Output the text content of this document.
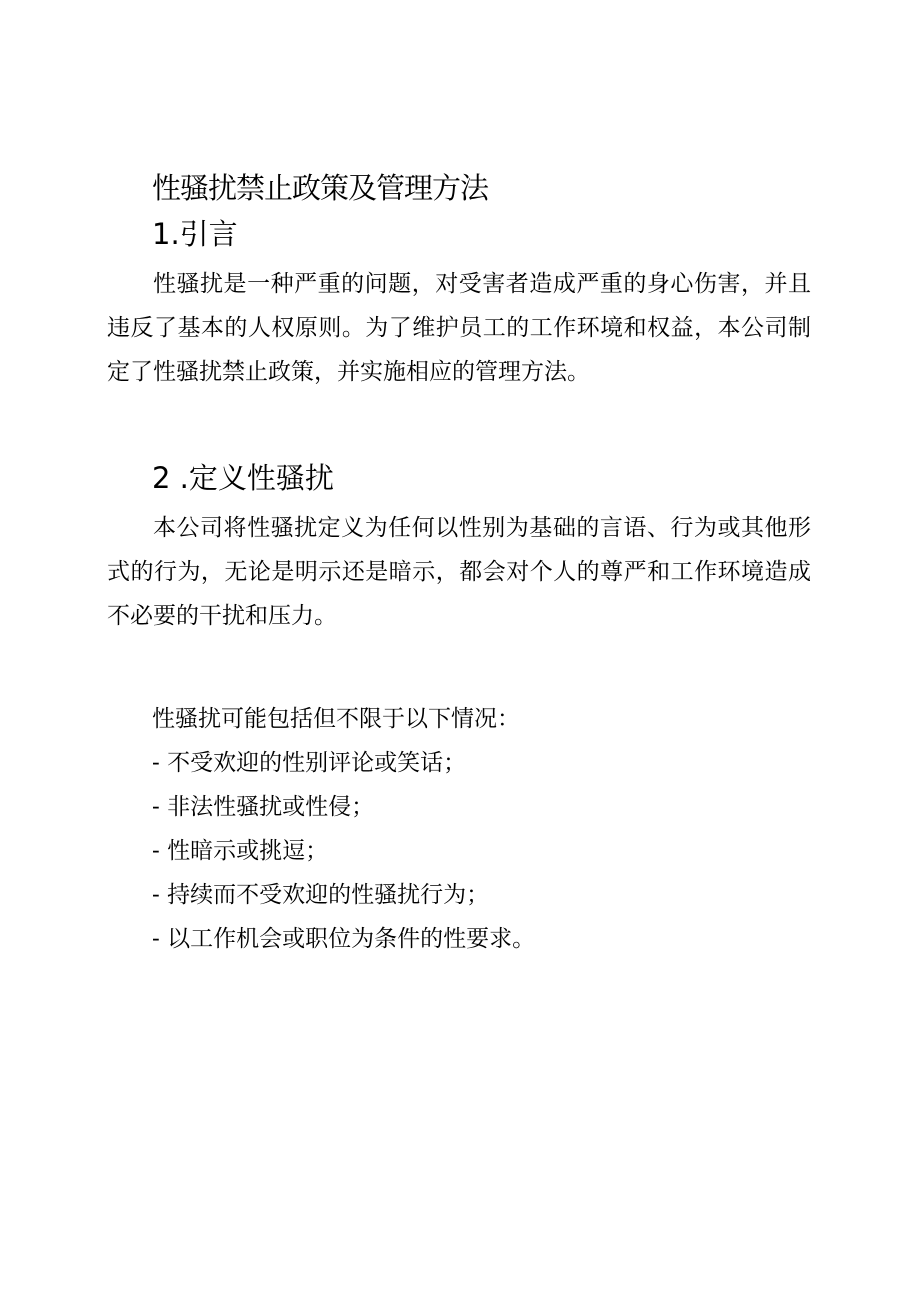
性骚扰禁止政策及管理方法
1.引言

性骚扰是一种严重的问题，对受害者造成严重的身心伤害，并且违反了基本的人权原则。为了维护员工的工作环境和权益，本公司制定了性骚扰禁止政策，并实施相应的管理方法。

2 .定义性骚扰

本公司将性骚扰定义为任何以性别为基础的言语、行为或其他形式的行为，无论是明示还是暗示，都会对个人的尊严和工作环境造成不必要的干扰和压力。

性骚扰可能包括但不限于以下情况：

- 不受欢迎的性别评论或笑话；
- 非法性骚扰或性侵；
- 性暗示或挑逗；
- 持续而不受欢迎的性骚扰行为；
- 以工作机会或职位为条件的性要求。
